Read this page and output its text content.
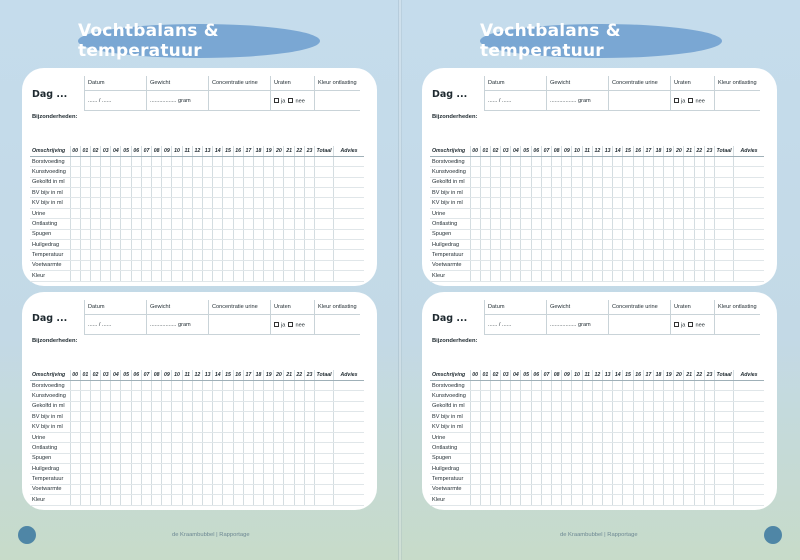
Vochtbalans & temperatuur
Dag ...
Datum
...... / ......
Gewicht
................. gram
Concentratie urine	Uraten
ja nee
Kleur ontlasting
Bijzonderheden:
Omschrijving	00	01	02	03	04	05	06	07	08	09	10	11	12	13	14	15	16	17	18	19	20	21	22	23	Totaal	Advies
Borstvoeding																										
Kunstvoeding																										
Gekolfd in ml																										
BV bijv in ml																										
KV bijv in ml																										
Urine																										
Ontlasting																										
Spugen																										
Huilgedrag																										
Temperatuur																										
Voetwarmte																										
Kleur																										
Dag ...
Datum
...... / ......
Gewicht
................. gram
Concentratie urine	Uraten
ja nee
Kleur ontlasting
Bijzonderheden:
Omschrijving	00	01	02	03	04	05	06	07	08	09	10	11	12	13	14	15	16	17	18	19	20	21	22	23	Totaal	Advies
Borstvoeding																										
Kunstvoeding																										
Gekolfd in ml																										
BV bijv in ml																										
KV bijv in ml																										
Urine																										
Ontlasting																										
Spugen																										
Huilgedrag																										
Temperatuur																										
Voetwarmte																										
Kleur																										
de Kraambubbel | Rapportage
Vochtbalans & temperatuur
Dag ...
Datum
...... / ......
Gewicht
................. gram
Concentratie urine	Uraten
ja nee
Kleur ontlasting
Bijzonderheden:
Omschrijving	00	01	02	03	04	05	06	07	08	09	10	11	12	13	14	15	16	17	18	19	20	21	22	23	Totaal	Advies
Borstvoeding																										
Kunstvoeding																										
Gekolfd in ml																										
BV bijv in ml																										
KV bijv in ml																										
Urine																										
Ontlasting																										
Spugen																										
Huilgedrag																										
Temperatuur																										
Voetwarmte																										
Kleur																										
Dag ...
Datum
...... / ......
Gewicht
................. gram
Concentratie urine	Uraten
ja nee
Kleur ontlasting
Bijzonderheden:
Omschrijving	00	01	02	03	04	05	06	07	08	09	10	11	12	13	14	15	16	17	18	19	20	21	22	23	Totaal	Advies
Borstvoeding																										
Kunstvoeding																										
Gekolfd in ml																										
BV bijv in ml																										
KV bijv in ml																										
Urine																										
Ontlasting																										
Spugen																										
Huilgedrag																										
Temperatuur																										
Voetwarmte																										
Kleur																										
de Kraambubbel | Rapportage
